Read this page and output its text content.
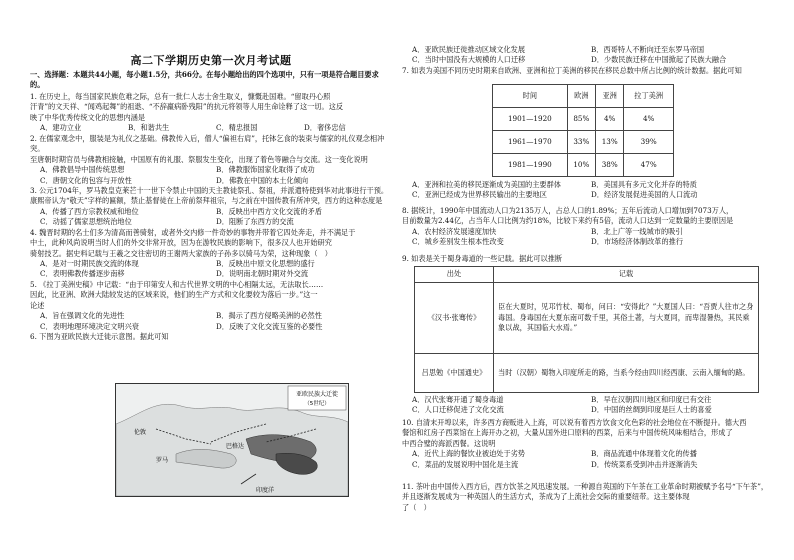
高二下学期历史第一次月考试题
一、选择题：本题共44小题，每小题1.5分，共66分。在每小题给出的四个选项中，只有一项是符合题目要求的。
1. 在历史上，每当国家民族危难之际，总有一批仁人志士舍生取义，慷慨赴国难。“留取丹心照
汗青”的文天祥、“闻鸡起舞”的祖逖、“不辞羸病卧残阳”的抗元将领等人用生命诠释了这一切。这反
映了中华优秀传统文化的思想内涵是
A．建功立业	B．和谐共生	C．精忠报国	D．奢侈忠信
2. 在儒家观念中，服装是为礼仪之基础。佛教传入后，僧人“偏袒右肩”，托钵乞食的装束与儒家的礼仪观念相冲突。
至唐朝时期官员与佛教相接触，中国原有的礼服、祭服发生变化，出现了着色等融合与交流。这一变化说明
A．佛教倡导中国传统思想	B．佛教服饰国家化取得了成功
C．唐朝文化的包容与开放性	D．佛教在中国的本土化倾向
3. 公元1704年，罗马教皇克莱芒十一世下令禁止中国的天主教徒祭孔、祭祖，并派遣特使到华对此事进行干预。
康熙帝认为“敬天”字样的匾额，禁止基督徒在上帝前祭拜祖宗，与之前在中国传教有所冲突，西方的这种态度是
A．传播了西方宗教权威和地位	B．反映出中西方文化交流的矛盾
C．动摇了儒家思想统治地位	D．阻断了东西方的交流
4. 魏晋时期的名士们多为清高而善骑射，或者外交内修一件奇妙的事物并带着它四处奔走，并不满足于
中土，此种风尚说明当时人们的外交非常开放，因为在游牧民族的影响下，很多汉人也开始研究
骑射技艺。据史料记载与王羲之交往密切的王谢两大家族的子孙多以骑马为荣，这种现象（　）
A．是对一时期民族交流的体现	B．反映出中原文化思想的盛行
C．表明佛教传播逐步南移	D．说明南北朝时期对外交流
5. 《拉丁美洲史稿》中记载：“由于印第安人和古代世界文明的中心相隔太远，无法取长……
因此，比亚洲、欧洲大陆较发达的区域来说，他们的生产方式和文化要较为落后一步。”这一
论述
A．旨在强调文化的先进性	B．揭示了西方侵略美洲的必然性
C．表明地理环境决定文明兴衰	D．反映了文化交流互鉴的必要性
6. 下图为亚欧民族大迁徙示意图。据此可知
亚欧民族大迁徙
（5世纪）
伦敦
罗马
巴格达
印度洋
A．亚欧民族迁徙推动区域文化发展	B．西哥特人不断向迁至东罗马帝国
C．当时中国没有大规模的人口迁移	D．少数民族迁移在中国掀起了民族大融合
7. 如表为美国不同历史时期来自欧洲、亚洲和拉丁美洲的移民在移民总数中所占比例的统计数据。据此可知
时间	欧洲	亚洲	拉丁美洲
1901—1920	85%	4%	4%
1961—1970	33%	13%	39%
1981—1990	10%	38%	47%
A．亚洲和拉美的移民逐渐成为美国的主要群体	B．美国具有多元文化并存的特质
C．亚洲已经成为世界移民输出的主要地区	D．经济发展促进美国的人口流动
8. 据统计，1990年中国流动人口为2135万人，占总人口的1.89%；五年后流动人口增加到7073万人，
目前数量为2.44亿，占当年人口比例为约18%，比较下来约有5倍，流动人口达到一定数量的主要原因是
A．农村经济发展速度加快	B．北上广等一线城市的吸引
C．城乡差别发生根本性改变	D．市场经济体制改革的推行
9. 如表是关于蜀身毒道的一些记载。据此可以推断
出处	记载
《汉书·张骞传》	臣在大夏时，见邛竹杖、蜀布，问曰：“安得此？”大夏国人曰：“吾贾人往市之身毒国。身毒国在大夏东南可数千里，其俗土著，与大夏同，而卑湿暑热，其民乘象以战，其国临大水焉。”
吕思勉《中国通史》	当时（汉朝）蜀物入印度所走的路，当系今经由四川经西康、云南入缅甸的路。
A．汉代张骞开通了蜀身毒道	B．早在汉朝四川地区和印度已有交往
C．人口迁移促进了文化交流	D．中国的丝绸到印度是巨人士的喜爱
10. 自清末开埠以来，许多西方商贩进入上海，可以说有着西方饮食文化色彩的社会地位在不断提升。德大西
餐馆和红房子西菜馆在上海开办之初，大量从国外进口原料的西菜，后来与中国传统风味相结合，形成了
中西合璧的海派西餐。这说明
A．近代上海的餐饮业被迫处于劣势	B．商品流通中体现着文化的传播
C．菜品的发展说明中国化是主流	D．传统菜系受到冲击并逐渐消失
11. 茶叶由中国传入西方后，西方饮茶之风迅速发展。一种源自英国的下午茶在工业革命时期被赋予名号“下午茶”，
并且逐渐发展成为一种英国人的生活方式，茶成为了上流社会交际的重要纽带。这主要体现
了（　）
